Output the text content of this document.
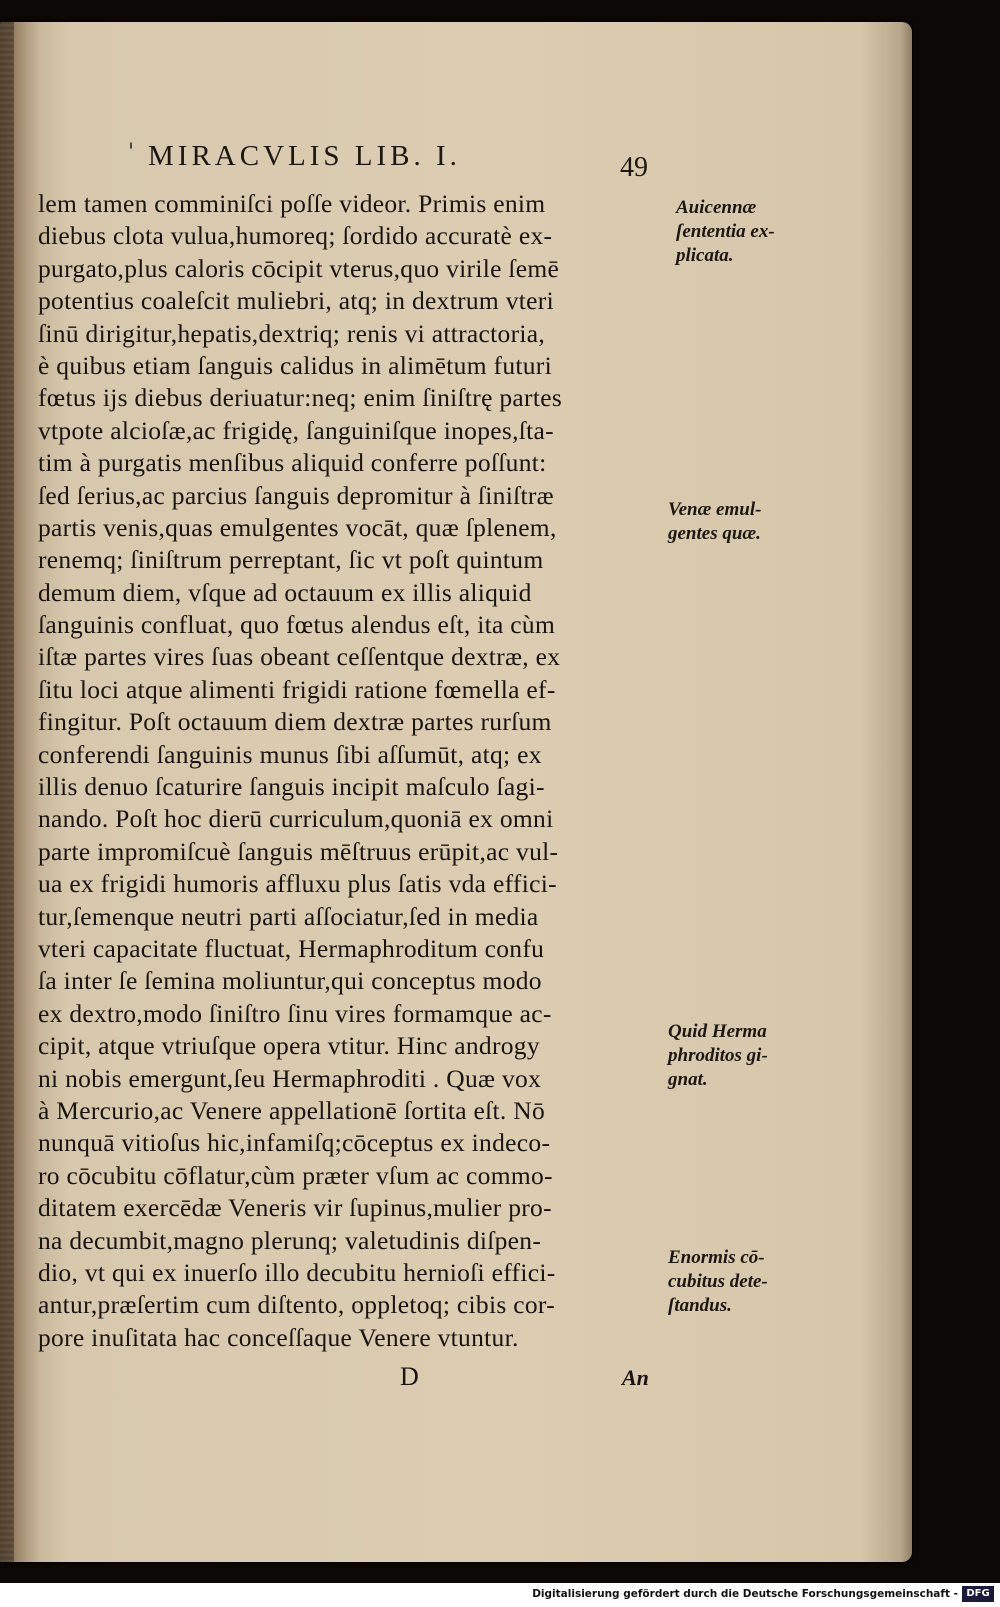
' MIRACVLIS LIB. I.	49
lem tamen comminiſci poſſe videor. Primis enim
diebus clota vulua,humoreq; ſordido accuratè ex-
purgato,plus caloris cōcipit vterus,quo virile ſemē
potentius coaleſcit muliebri, atq; in dextrum vteri
ſinū dirigitur,hepatis,dextriq; renis vi attractoria,
è quibus etiam ſanguis calidus in alimētum futuri
fœtus ijs diebus deriuatur:neq; enim ſiniſtrę partes
vtpote alcioſæ,ac frigidę, ſanguiniſque inopes,ſta-
tim à purgatis menſibus aliquid conferre poſſunt:
ſed ſerius,ac parcius ſanguis depromitur à ſiniſtræ
partis venis,quas emulgentes vocāt, quæ ſplenem,
renemq; ſiniſtrum perreptant, ſic vt poſt quintum
demum diem, vſque ad octauum ex illis aliquid
ſanguinis confluat, quo fœtus alendus eſt, ita cùm
iſtæ partes vires ſuas obeant ceſſentque dextræ, ex
ſitu loci atque alimenti frigidi ratione fœmella ef-
fingitur. Poſt octauum diem dextræ partes rurſum
conferendi ſanguinis munus ſibi aſſumūt, atq; ex
illis denuo ſcaturire ſanguis incipit maſculo ſagi-
nando. Poſt hoc dierū curriculum,quoniā ex omni
parte impromiſcuè ſanguis mēſtruus erūpit,ac vul-
ua ex frigidi humoris affluxu plus ſatis vda effici-
tur,ſemenque neutri parti aſſociatur,ſed in media
vteri capacitate fluctuat, Hermaphroditum confu
ſa inter ſe ſemina moliuntur,qui conceptus modo
ex dextro,modo ſiniſtro ſinu vires formamque ac-
cipit, atque vtriuſque opera vtitur. Hinc androgy
ni nobis emergunt,ſeu Hermaphroditi . Quæ vox
à Mercurio,ac Venere appellationē ſortita eſt. Nō
nunquā vitioſus hic,infamiſq;cōceptus ex indeco-
ro cōcubitu cōflatur,cùm præter vſum ac commo-
ditatem exercēdæ Veneris vir ſupinus,mulier pro-
na decumbit,magno plerunq; valetudinis diſpen-
dio, vt qui ex inuerſo illo decubitu hernioſi effici-
antur,præſertim cum diſtento, oppletoq; cibis cor-
pore inuſitata hac conceſſaque Venere vtuntur.
Auicennæ
ſententia ex-
plicata.
Venæ emul-
gentes quæ.
Quid Herma
phroditos gi-
gnat.
Enormis cō-
cubitus dete-
ſtandus.
D	An
Digitalisierung gefördert durch die Deutsche Forschungsgemeinschaft - DFG
